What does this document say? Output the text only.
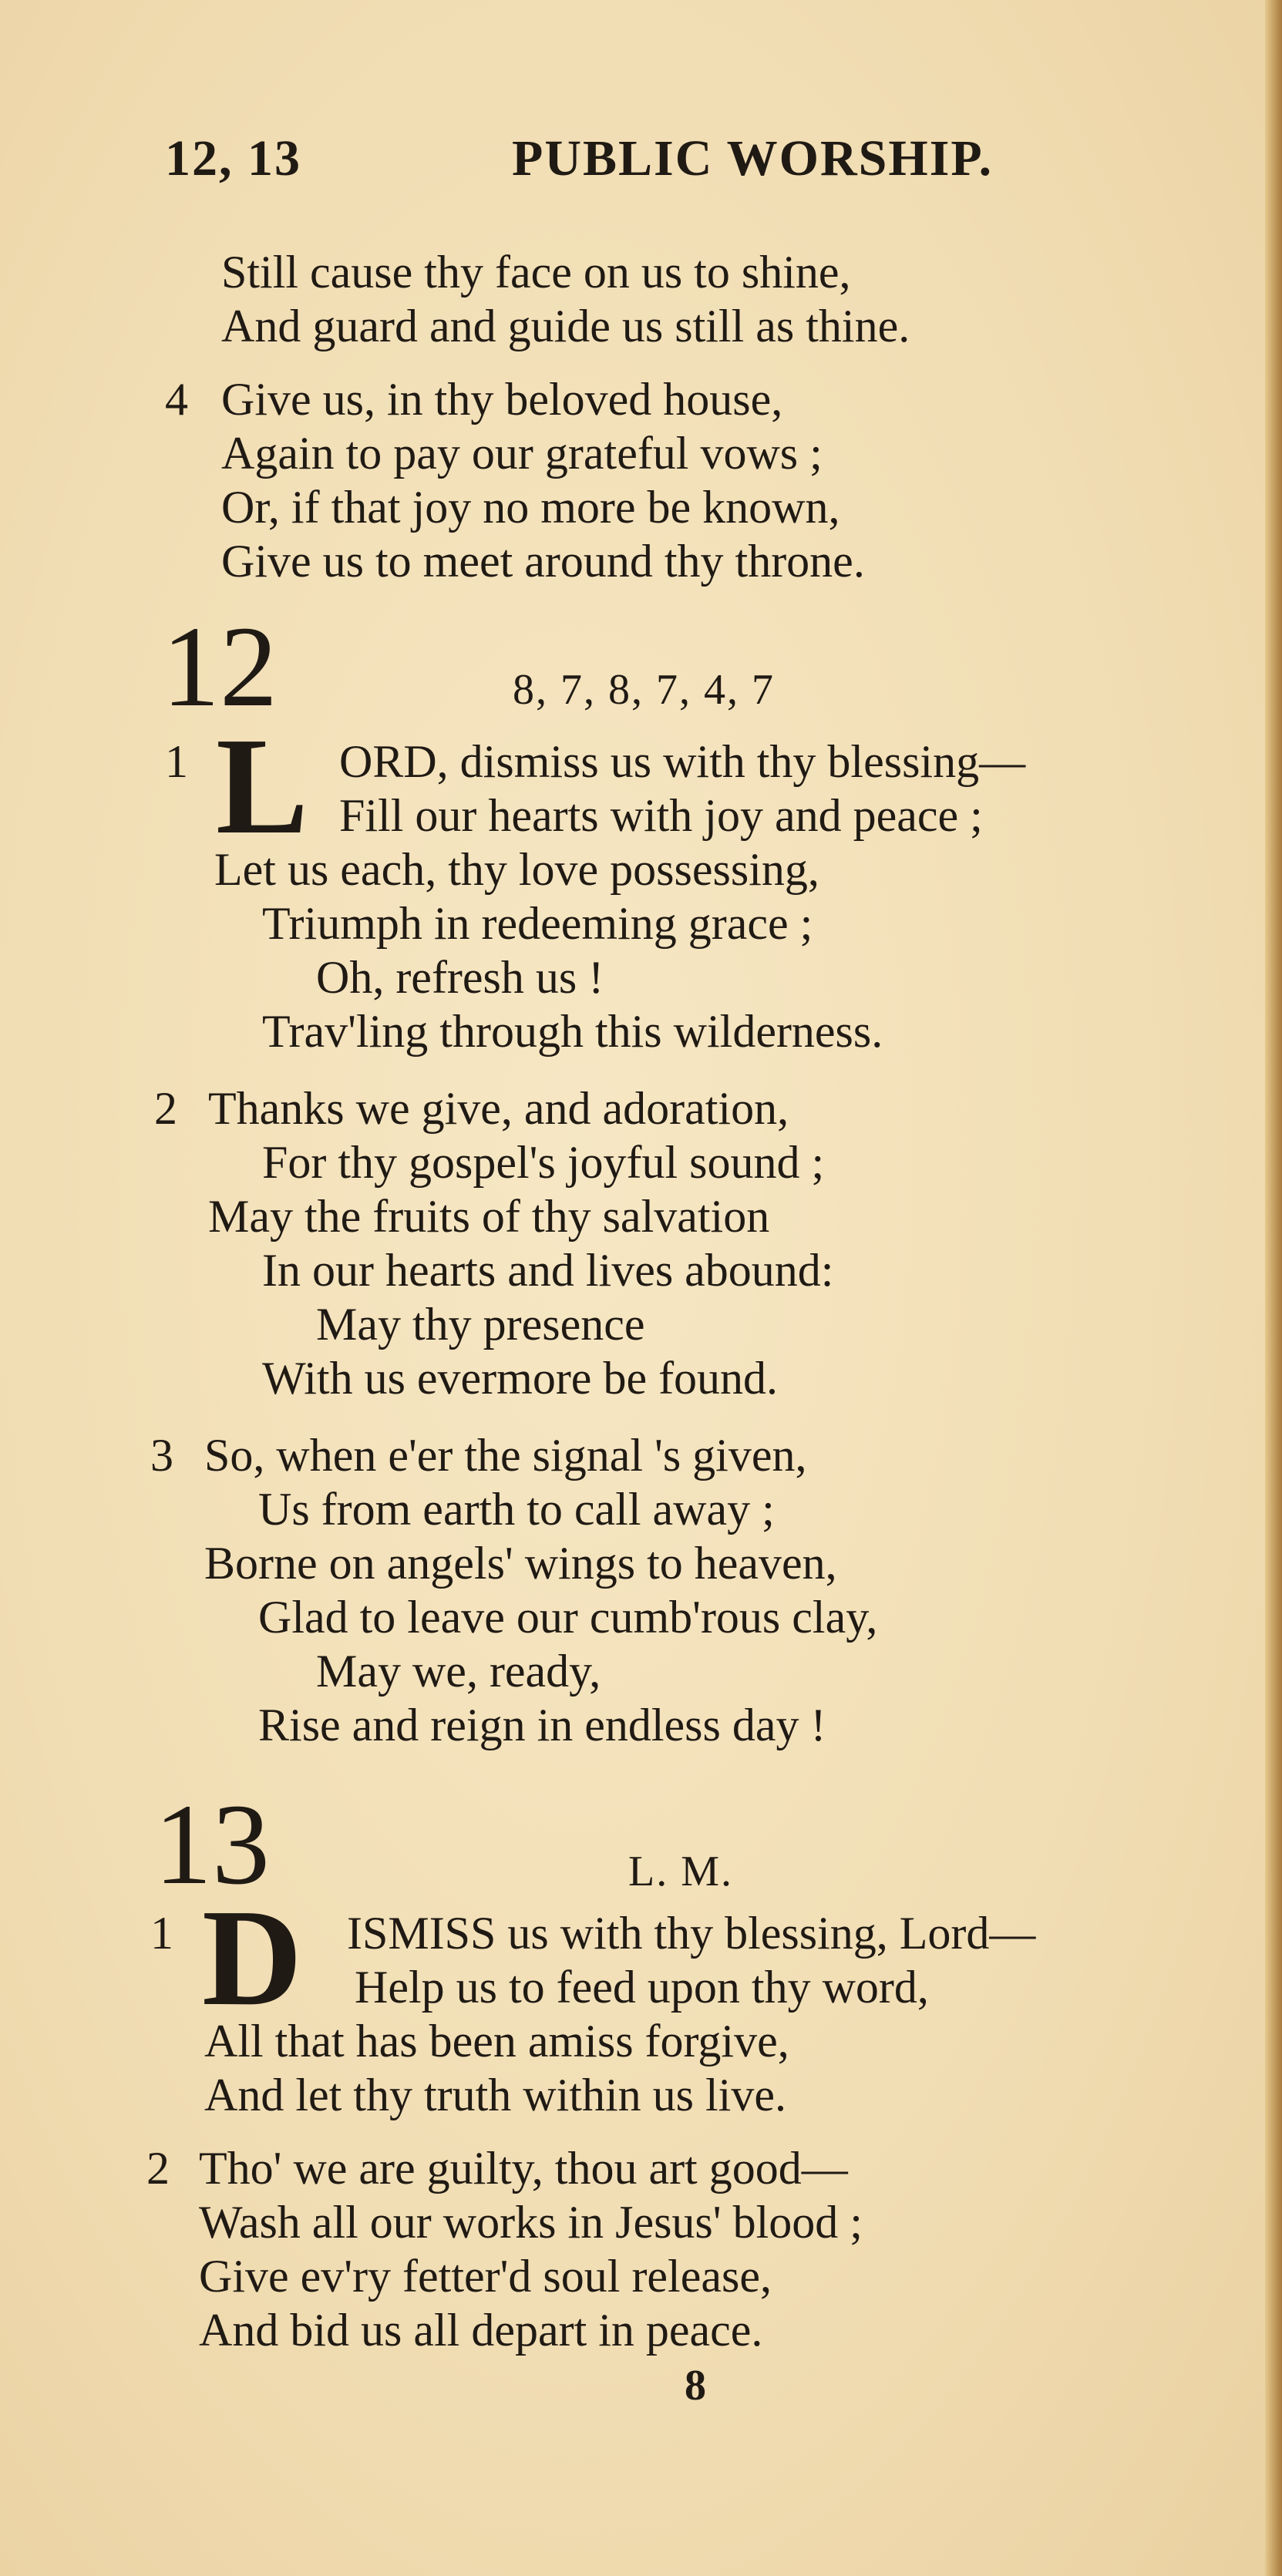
12, 13	PUBLIC WORSHIP.
Still cause thy face on us to shine,
And guard and guide us still as thine.
4 Give us, in thy beloved house,
Again to pay our grateful vows ;
Or, if that joy no more be known,
Give us to meet around thy throne.
12	8, 7, 8, 7, 4, 7
1 L ORD, dismiss us with thy blessing—
Fill our hearts with joy and peace ;
Let us each, thy love possessing,
Triumph in redeeming grace ;
Oh, refresh us !
Trav'ling through this wilderness.
2 Thanks we give, and adoration,
For thy gospel's joyful sound ;
May the fruits of thy salvation
In our hearts and lives abound:
May thy presence
With us evermore be found.
3 So, when e'er the signal 's given,
Us from earth to call away ;
Borne on angels' wings to heaven,
Glad to leave our cumb'rous clay,
May we, ready,
Rise and reign in endless day !
13	L. M.
1 D ISMISS us with thy blessing, Lord—
Help us to feed upon thy word,
All that has been amiss forgive,
And let thy truth within us live.
2 Tho' we are guilty, thou art good—
Wash all our works in Jesus' blood ;
Give ev'ry fetter'd soul release,
And bid us all depart in peace.
8
